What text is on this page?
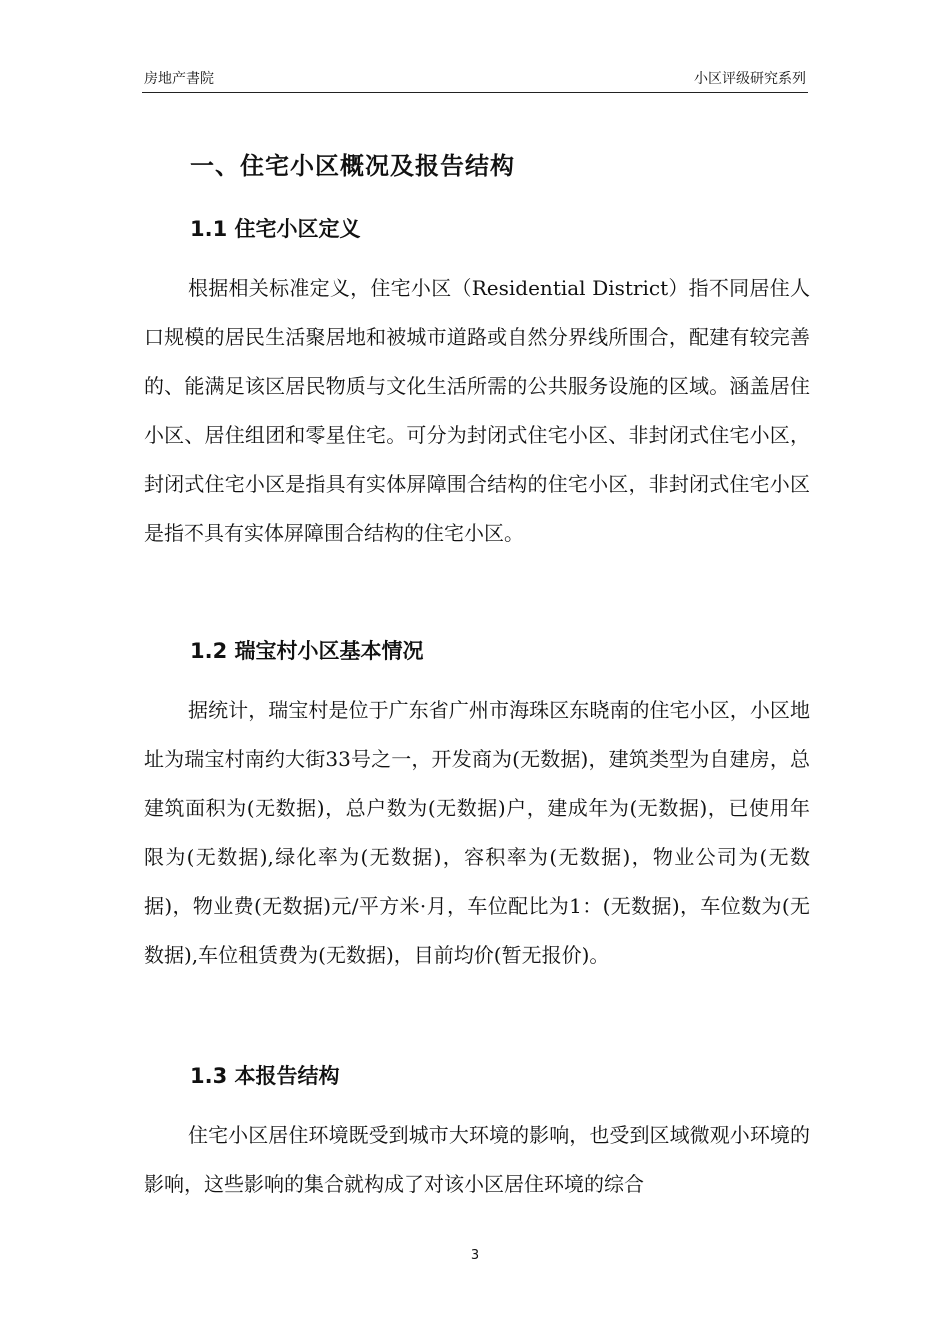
房地产書院	小区评级研究系列
一、住宅小区概况及报告结构
1.1 住宅小区定义
根据相关标准定义，住宅小区（Residential District）指不同居住人口规模的居民生活聚居地和被城市道路或自然分界线所围合，配建有较完善的、能满足该区居民物质与文化生活所需的公共服务设施的区域。涵盖居住小区、居住组团和零星住宅。可分为封闭式住宅小区、非封闭式住宅小区，封闭式住宅小区是指具有实体屏障围合结构的住宅小区，非封闭式住宅小区是指不具有实体屏障围合结构的住宅小区。
1.2 瑞宝村小区基本情况
据统计，瑞宝村是位于广东省广州市海珠区东晓南的住宅小区，小区地址为瑞宝村南约大街33号之一，开发商为(无数据)，建筑类型为自建房，总建筑面积为(无数据)，总户数为(无数据)户，建成年为(无数据)，已使用年限为(无数据),绿化率为(无数据)，容积率为(无数据)，物业公司为(无数据)，物业费(无数据)元/平方米·月，车位配比为1：(无数据)，车位数为(无数据),车位租赁费为(无数据)，目前均价(暂无报价)。
1.3 本报告结构
住宅小区居住环境既受到城市大环境的影响，也受到区域微观小环境的影响，这些影响的集合就构成了对该小区居住环境的综合
3
